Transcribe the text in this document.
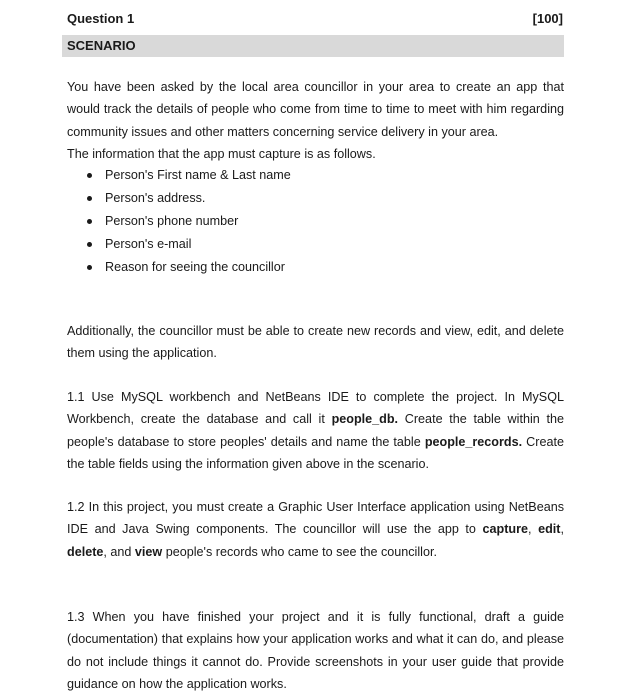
Question 1	[100]
SCENARIO

You have been asked by the local area councillor in your area to create an app that would track the details of people who come from time to time to meet with him regarding community issues and other matters concerning service delivery in your area.
The information that the app must capture is as follows.

Person's First name & Last name
Person's address.
Person's phone number
Person's e-mail
Reason for seeing the councillor

Additionally, the councillor must be able to create new records and view, edit, and delete them using the application.

1.1 Use MySQL workbench and NetBeans IDE to complete the project. In MySQL Workbench, create the database and call it people_db. Create the table within the people's database to store peoples' details and name the table people_records. Create the table fields using the information given above in the scenario.

1.2 In this project, you must create a Graphic User Interface application using NetBeans IDE and Java Swing components. The councillor will use the app to capture, edit, delete, and view people's records who came to see the councillor.

1.3 When you have finished your project and it is fully functional, draft a guide (documentation) that explains how your application works and what it can do, and please do not include things it cannot do. Provide screenshots in your user guide that provide guidance on how the application works.
